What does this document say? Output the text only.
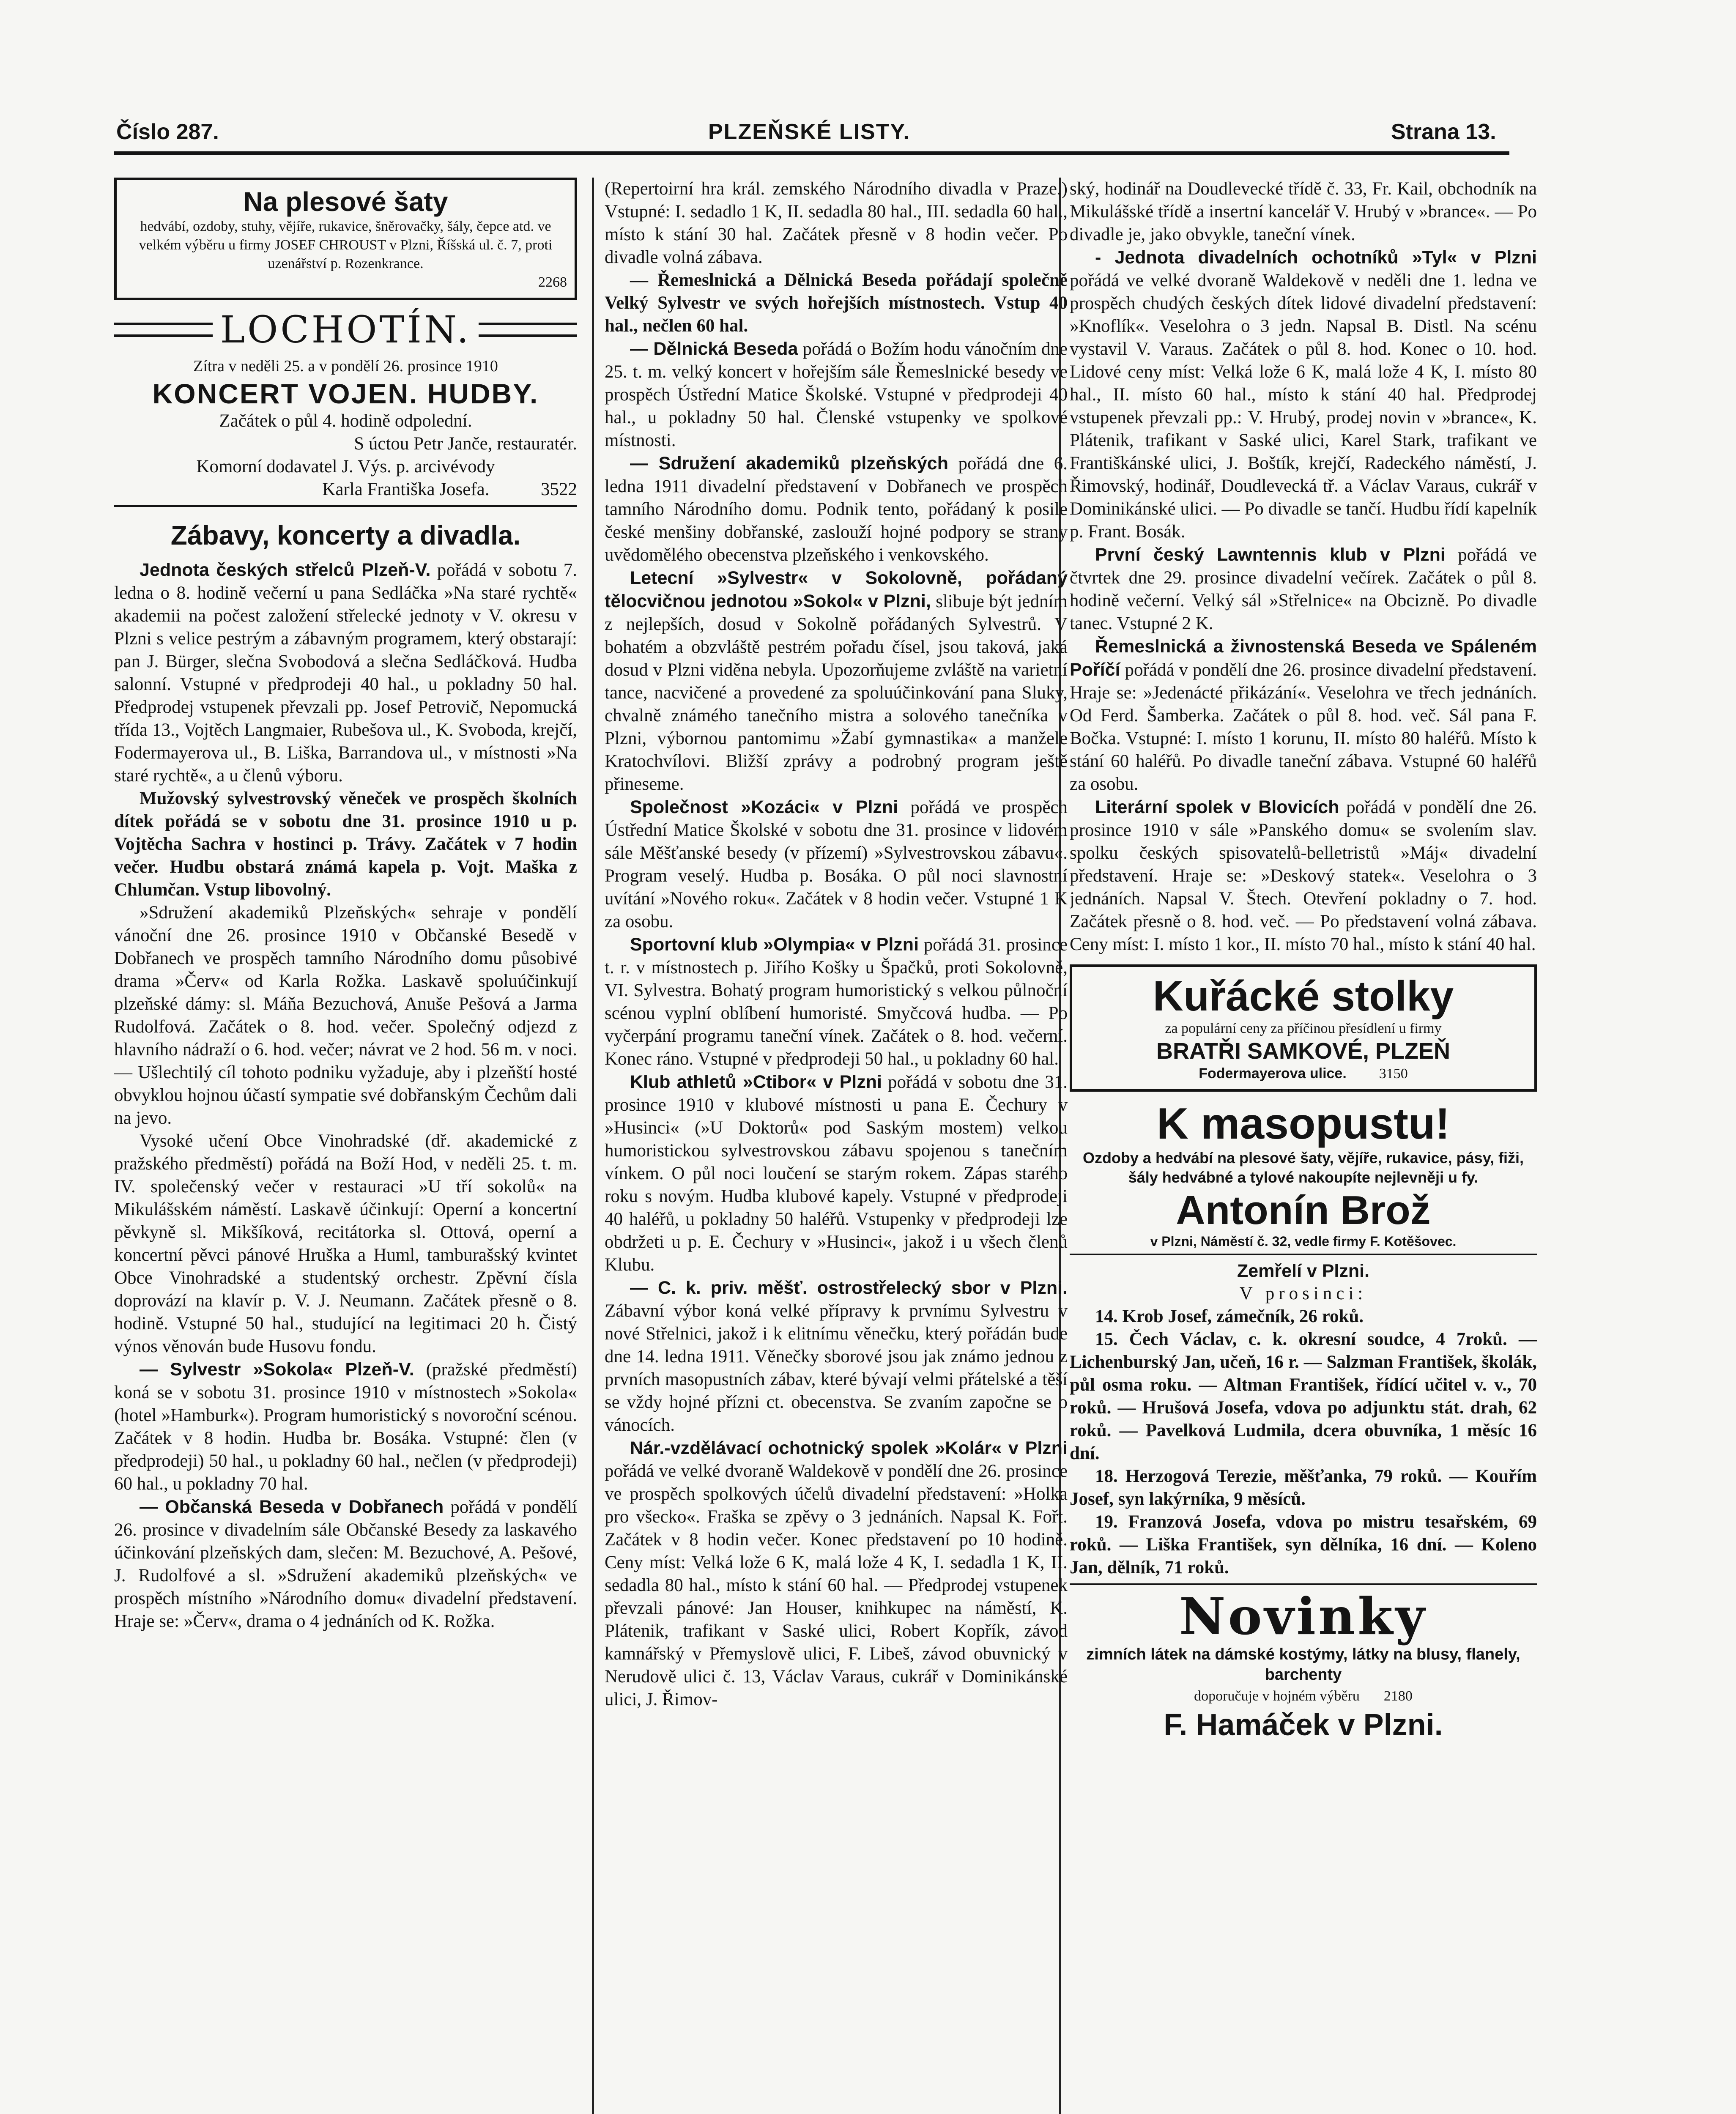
Číslo 287.	PLZEŇSKÉ LISTY.	Strana 13.

Na plesové šaty

hedvábí, ozdoby, stuhy, vějíře, rukavice, šněrovačky, šály, čepce atd. ve velkém výběru u firmy JOSEF CHROUST v Plzni, Říšská ul. č. 7, proti uzenářství p. Rozenkrance.

2268

LOCHOTÍN.

Zítra v neděli 25. a v pondělí 26. prosince 1910

KONCERT VOJEN. HUDBY.

Začátek o půl 4. hodině odpolední.

S úctou Petr Janče, restauratér.

Komorní dodavatel J. Výs. p. arcivévody

Karla Františka Josefa.	3522

Zábavy, koncerty a divadla.

Jednota českých střelců Plzeň-V. pořádá v sobotu 7. ledna o 8. hodině večerní u pana Sedláčka »Na staré rychtě« akademii na počest založení střelecké jednoty v V. okresu v Plzni s velice pestrým a zábavným programem, který obstarají: pan J. Bürger, slečna Svobodová a slečna Sedláčková. Hudba salonní. Vstupné v předprodeji 40 hal., u pokladny 50 hal. Předprodej vstupenek převzali pp. Josef Petrovič, Nepomucká třída 13., Vojtěch Langmaier, Rubešova ul., K. Svoboda, krejčí, Fodermayerova ul., B. Liška, Barrandova ul., v místnosti »Na staré rychtě«, a u členů výboru.

Mužovský sylvestrovský věneček ve prospěch školních dítek pořádá se v sobotu dne 31. prosince 1910 u p. Vojtěcha Sachra v hostinci p. Trávy. Začátek v 7 hodin večer. Hudbu obstará známá kapela p. Vojt. Maška z Chlumčan. Vstup libovolný.

»Sdružení akademiků Plzeňských« sehraje v pondělí vánoční dne 26. prosince 1910 v Občanské Besedě v Dobřanech ve prospěch tamního Národního domu působivé drama »Červ« od Karla Rožka. Laskavě spoluúčinkují plzeňské dámy: sl. Máňa Bezuchová, Anuše Pešová a Jarma Rudolfová. Začátek o 8. hod. večer. Společný odjezd z hlavního nádraží o 6. hod. večer; návrat ve 2 hod. 56 m. v noci. — Ušlechtilý cíl tohoto podniku vyžaduje, aby i plzeňští hosté obvyklou hojnou účastí sympatie své dobřanským Čechům dali na jevo.

Vysoké učení Obce Vinohradské (dř. akademické z pražského předměstí) pořádá na Boží Hod, v neděli 25. t. m. IV. společenský večer v restauraci »U tří sokolů« na Mikulášském náměstí. Laskavě účinkují: Operní a koncertní pěvkyně sl. Mikšíková, recitátorka sl. Ottová, operní a koncertní pěvci pánové Hruška a Huml, tamburašský kvintet Obce Vinohradské a studentský orchestr. Zpěvní čísla doprovází na klavír p. V. J. Neumann. Začátek přesně o 8. hodině. Vstupné 50 hal., studující na legitimaci 20 h. Čistý výnos věnován bude Husovu fondu.

— Sylvestr »Sokola« Plzeň-V. (pražské předměstí) koná se v sobotu 31. prosince 1910 v místnostech »Sokola« (hotel »Hamburk«). Program humoristický s novoroční scénou. Začátek v 8 hodin. Hudba br. Bosáka. Vstupné: člen (v předprodeji) 50 hal., u pokladny 60 hal., nečlen (v předprodeji) 60 hal., u pokladny 70 hal.

— Občanská Beseda v Dobřanech pořádá v pondělí 26. prosince v divadelním sále Občanské Besedy za laskavého účinkování plzeňských dam, slečen: M. Bezuchové, A. Pešové, J. Rudolfové a sl. »Sdružení akademiků plzeňských« ve prospěch místního »Národního domu« divadelní představení. Hraje se: »Červ«, drama o 4 jednáních od K. Rožka.

(Repertoirní hra král. zemského Národního divadla v Praze.) Vstupné: I. sedadlo 1 K, II. sedadla 80 hal., III. sedadla 60 hal., místo k stání 30 hal. Začátek přesně v 8 hodin večer. Po divadle volná zábava.

— Řemeslnická a Dělnická Beseda pořádají společně Velký Sylvestr ve svých hořejších místnostech. Vstup 40 hal., nečlen 60 hal.

— Dělnická Beseda pořádá o Božím hodu vánočním dne 25. t. m. velký koncert v hořejším sále Řemeslnické besedy ve prospěch Ústřední Matice Školské. Vstupné v předprodeji 40 hal., u pokladny 50 hal. Členské vstupenky ve spolkové místnosti.

— Sdružení akademiků plzeňských pořádá dne 6. ledna 1911 divadelní představení v Dobřanech ve prospěch tamního Národního domu. Podnik tento, pořádaný k posile české menšiny dobřanské, zaslouží hojné podpory se strany uvědomělého obecenstva plzeňského i venkovského.

Letecní »Sylvestr« v Sokolovně, pořádaný tělocvičnou jednotou »Sokol« v Plzni, slibuje být jedním z nejlepších, dosud v Sokolně pořádaných Sylvestrů. V bohatém a obzvláště pestrém pořadu čísel, jsou taková, jaká dosud v Plzni viděna nebyla. Upozorňujeme zvláště na varietní tance, nacvičené a provedené za spoluúčinkování pana Sluky, chvalně známého tanečního mistra a solového tanečníka v Plzni, výbornou pantomimu »Žabí gymnastika« a manžele Kratochvílovi. Bližší zprávy a podrobný program ještě přineseme.

Společnost »Kozáci« v Plzni pořádá ve prospěch Ústřední Matice Školské v sobotu dne 31. prosince v lidovém sále Měšťanské besedy (v přízemí) »Sylvestrovskou zábavu«. Program veselý. Hudba p. Bosáka. O půl noci slavnostní uvítání »Nového roku«. Začátek v 8 hodin večer. Vstupné 1 K za osobu.

Sportovní klub »Olympia« v Plzni pořádá 31. prosince t. r. v místnostech p. Jiřího Košky u Špačků, proti Sokolovně, VI. Sylvestra. Bohatý program humoristický s velkou půlnoční scénou vyplní oblíbení humoristé. Smyčcová hudba. — Po vyčerpání programu taneční vínek. Začátek o 8. hod. večerní. Konec ráno. Vstupné v předprodeji 50 hal., u pokladny 60 hal.

Klub athletů »Ctibor« v Plzni pořádá v sobotu dne 31. prosince 1910 v klubové místnosti u pana E. Čechury v »Husinci« (»U Doktorů« pod Saským mostem) velkou humoristickou sylvestrovskou zábavu spojenou s tanečním vínkem. O půl noci loučení se starým rokem. Zápas starého roku s novým. Hudba klubové kapely. Vstupné v předprodeji 40 haléřů, u pokladny 50 haléřů. Vstupenky v předprodeji lze obdržeti u p. E. Čechury v »Husinci«, jakož i u všech členů Klubu.

— C. k. priv. měšť. ostrostřelecký sbor v Plzni. Zábavní výbor koná velké přípravy k prvnímu Sylvestru v nové Střelnici, jakož i k elitnímu věnečku, který pořádán bude dne 14. ledna 1911. Věnečky sborové jsou jak známo jednou z prvních masopustních zábav, které bývají velmi přátelské a těší se vždy hojné přízni ct. obecenstva. Se zvaním započne se o vánocích.

Nár.-vzdělávací ochotnický spolek »Kolár« v Plzni pořádá ve velké dvoraně Waldekově v pondělí dne 26. prosince ve prospěch spolkových účelů divadelní představení: »Holka pro všecko«. Fraška se zpěvy o 3 jednáních. Napsal K. Fořt. Začátek v 8 hodin večer. Konec představení po 10 hodině. Ceny míst: Velká lože 6 K, malá lože 4 K, I. sedadla 1 K, II. sedadla 80 hal., místo k stání 60 hal. — Předprodej vstupenek převzali pánové: Jan Houser, knihkupec na náměstí, K. Plátenik, trafikant v Saské ulici, Robert Kopřík, závod kamnářský v Přemyslově ulici, F. Libeš, závod obuvnický v Nerudově ulici č. 13, Václav Varaus, cukrář v Dominikánské ulici, J. Řimov-

ský, hodinář na Doudlevecké třídě č. 33, Fr. Kail, obchodník na Mikulášské třídě a insertní kancelář V. Hrubý v »brance«. — Po divadle je, jako obvykle, taneční vínek.

- Jednota divadelních ochotníků »Tyl« v Plzni pořádá ve velké dvoraně Waldekově v neděli dne 1. ledna ve prospěch chudých českých dítek lidové divadelní představení: »Knoflík«. Veselohra o 3 jedn. Napsal B. Distl. Na scénu vystavil V. Varaus. Začátek o půl 8. hod. Konec o 10. hod. Lidové ceny míst: Velká lože 6 K, malá lože 4 K, I. místo 80 hal., II. místo 60 hal., místo k stání 40 hal. Předprodej vstupenek převzali pp.: V. Hrubý, prodej novin v »brance«, K. Plátenik, trafikant v Saské ulici, Karel Stark, trafikant ve Františkánské ulici, J. Boštík, krejčí, Radeckého náměstí, J. Řimovský, hodinář, Doudlevecká tř. a Václav Varaus, cukrář v Dominikánské ulici. — Po divadle se tančí. Hudbu řídí kapelník p. Frant. Bosák.

První český Lawntennis klub v Plzni pořádá ve čtvrtek dne 29. prosince divadelní večírek. Začátek o půl 8. hodině večerní. Velký sál »Střelnice« na Obcizně. Po divadle tanec. Vstupné 2 K.

Řemeslnická a živnostenská Beseda ve Spáleném Poříčí pořádá v pondělí dne 26. prosince divadelní představení. Hraje se: »Jedenácté přikázání«. Veselohra ve třech jednáních. Od Ferd. Šamberka. Začátek o půl 8. hod. več. Sál pana F. Bočka. Vstupné: I. místo 1 korunu, II. místo 80 haléřů. Místo k stání 60 haléřů. Po divadle taneční zábava. Vstupné 60 haléřů za osobu.

Literární spolek v Blovicích pořádá v pondělí dne 26. prosince 1910 v sále »Panského domu« se svolením slav. spolku českých spisovatelů-belletristů »Máj« divadelní představení. Hraje se: »Deskový statek«. Veselohra o 3 jednáních. Napsal V. Štech. Otevření pokladny o 7. hod. Začátek přesně o 8. hod. več. — Po představení volná zábava. Ceny míst: I. místo 1 kor., II. místo 70 hal., místo k stání 40 hal.

Kuřácké stolky

za populární ceny za příčinou přesídlení u firmy

BRATŘI SAMKOVÉ, PLZEŇ

Fodermayerova ulice. 3150

K masopustu!

Ozdoby a hedvábí na plesové šaty, vějíře, rukavice, pásy, fiži, šály hedvábné a tylové nakoupíte nejlevněji u fy.

Antonín Brož

v Plzni, Náměstí č. 32, vedle firmy F. Kotěšovec.

Zemřelí v Plzni.

V prosinci:

14. Krob Josef, zámečník, 26 roků.
15. Čech Václav, c. k. okresní soudce, 4 7roků. — Lichenburský Jan, učeň, 16 r. — Salzman František, školák, půl osma roku. — Altman František, řídící učitel v. v., 70 roků. — Hrušová Josefa, vdova po adjunktu stát. drah, 62 roků. — Pavelková Ludmila, dcera obuvníka, 1 měsíc 16 dní.
18. Herzogová Terezie, měšťanka, 79 roků. — Kouřím Josef, syn lakýrníka, 9 měsíců.
19. Franzová Josefa, vdova po mistru tesařském, 69 roků. — Liška František, syn dělníka, 16 dní. — Koleno Jan, dělník, 71 roků.

Novinky

zimních látek na dámské kostýmy, látky na blusy, flanely, barchenty

doporučuje v hojném výběru 2180

F. Hamáček v Plzni.
